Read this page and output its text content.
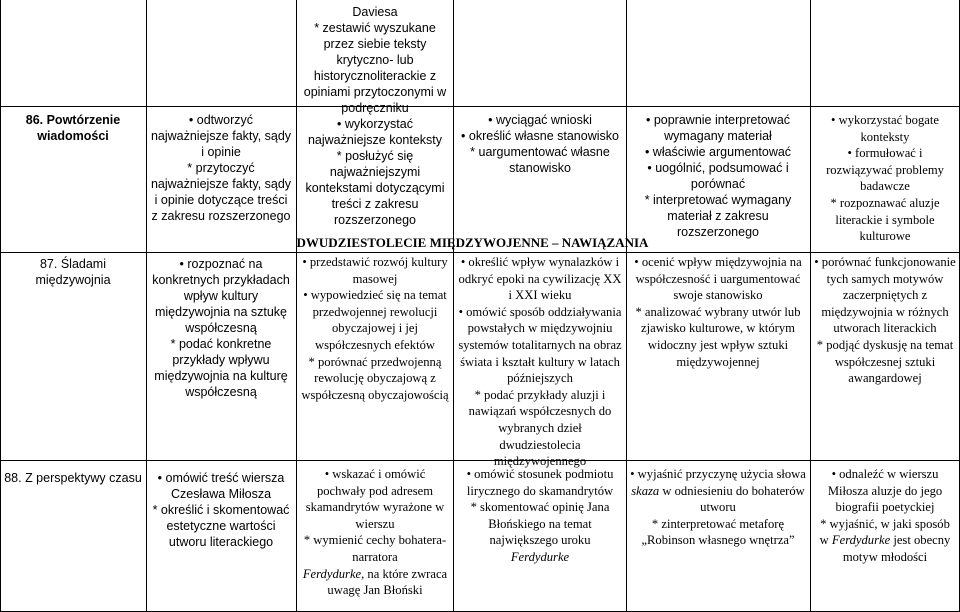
DWUDZIESTOLECIE MIĘDZYWOJENNE – NAWIĄZANIA

86. Powtórzenie wiadomości

• odtworzyć najważniejsze fakty, sądy i opinie

* przytoczyć najważniejsze fakty, sądy i opinie dotyczące treści z zakresu rozszerzonego

Daviesa

* zestawić wyszukane przez siebie teksty krytyczno- lub historycznoliterackie z opiniami przytoczonymi w podręczniku

• wykorzystać najważniejsze konteksty

* posłużyć się najważniejszymi kontekstami dotyczącymi treści z zakresu rozszerzonego

• wyciągać wnioski

• określić własne stanowisko

* uargumentować własne stanowisko

• poprawnie interpretować wymagany materiał

• właściwie argumentować

• uogólnić, podsumować i porównać

* interpretować wymagany materiał z zakresu rozszerzonego

• wykorzystać bogate konteksty

• formułować i rozwiązywać problemy badawcze

* rozpoznawać aluzje literackie i symbole kulturowe

87. Śladami międzywojnia

• rozpoznać na konkretnych przykładach wpływ kultury międzywojnia na sztukę współczesną

* podać konkretne przykłady wpływu międzywojnia na kulturę współczesną

• przedstawić rozwój kultury masowej

• wypowiedzieć się na temat przedwojennej rewolucji obyczajowej i jej współczesnych efektów

* porównać przedwojenną rewolucję obyczajową z współczesną obyczajowością

• określić wpływ wynalazków i odkryć epoki na cywilizację XX i XXI wieku

• omówić sposób oddziaływania powstałych w międzywojniu systemów totalitarnych na obraz świata i kształt kultury w latach późniejszych

* podać przykłady aluzji i nawiązań współczesnych do wybranych dzieł dwudziestolecia międzywojennego

• ocenić wpływ międzywojnia na współczesność i uargumentować swoje stanowisko

* analizować wybrany utwór lub zjawisko kulturowe, w którym widoczny jest wpływ sztuki międzywojennej

• porównać funkcjonowanie tych samych motywów zaczerpniętych z międzywojnia w różnych utworach literackich

* podjąć dyskusję na temat współczesnej sztuki awangardowej

88. Z perspektywy czasu

•	omówić treść wiersza Czesława Miłosza

* określić i skomentować estetyczne wartości utworu literackiego

• wskazać i omówić pochwały pod adresem skamandrytów wyrażone w wierszu

* wymienić cechy bohatera-narratora

Ferdydurke, na które zwraca uwagę Jan Błoński

• omówić stosunek podmiotu lirycznego do skamandrytów

* skomentować opinię Jana Błońskiego na temat największego uroku

Ferdydurke

• wyjaśnić przyczynę użycia słowa skaza w odniesieniu do bohaterów utworu

* zinterpretować metaforę „Robinson własnego wnętrza”

• odnaleźć w wierszu Miłosza aluzje do jego biografii poetyckiej

* wyjaśnić, w jaki sposób w Ferdydurke jest obecny motyw młodości
